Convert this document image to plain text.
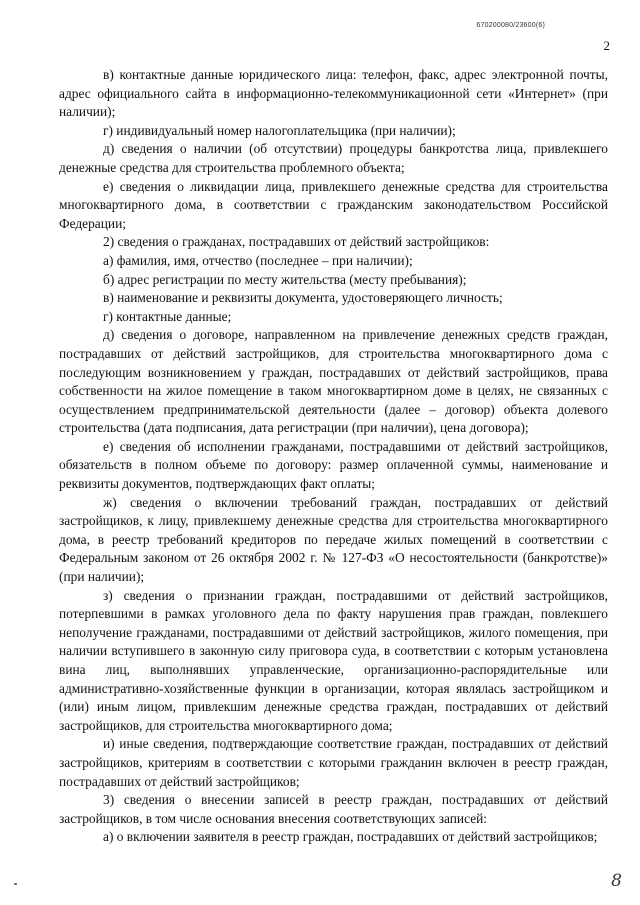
670200080/23600(6)
2

в) контактные данные юридического лица: телефон, факс, адрес электронной почты, адрес официального сайта в информационно-телекоммуникационной сети «Интернет» (при наличии);

г) индивидуальный номер налогоплательщика (при наличии);

д) сведения о наличии (об отсутствии) процедуры банкротства лица, привлекшего денежные средства для строительства проблемного объекта;

е) сведения о ликвидации лица, привлекшего денежные средства для строительства многоквартирного дома, в соответствии с гражданским законодательством Российской Федерации;

2) сведения о гражданах, пострадавших от действий застройщиков:

а) фамилия, имя, отчество (последнее – при наличии);

б) адрес регистрации по месту жительства (месту пребывания);

в) наименование и реквизиты документа, удостоверяющего личность;

г) контактные данные;

д) сведения о договоре, направленном на привлечение денежных средств граждан, пострадавших от действий застройщиков, для строительства многоквартирного дома с последующим возникновением у граждан, пострадавших от действий застройщиков, права собственности на жилое помещение в таком многоквартирном доме в целях, не связанных с осуществлением предпринимательской деятельности (далее – договор) объекта долевого строительства (дата подписания, дата регистрации (при наличии), цена договора);

е) сведения об исполнении гражданами, пострадавшими от действий застройщиков, обязательств в полном объеме по договору: размер оплаченной суммы, наименование и реквизиты документов, подтверждающих факт оплаты;

ж) сведения о включении требований граждан, пострадавших от действий застройщиков, к лицу, привлекшему денежные средства для строительства многоквартирного дома, в реестр требований кредиторов по передаче жилых помещений в соответствии с Федеральным законом от 26 октября 2002 г. № 127-ФЗ «О несостоятельности (банкротстве)» (при наличии);

з) сведения о признании граждан, пострадавшими от действий застройщиков, потерпевшими в рамках уголовного дела по факту нарушения прав граждан, повлекшего неполучение гражданами, пострадавшими от действий застройщиков, жилого помещения, при наличии вступившего в законную силу приговора суда, в соответствии с которым установлена вина лиц, выполнявших управленческие, организационно-распорядительные или административно-хозяйственные функции в организации, которая являлась застройщиком и (или) иным лицом, привлекшим денежные средства граждан, пострадавших от действий застройщиков, для строительства многоквартирного дома;

и) иные сведения, подтверждающие соответствие граждан, пострадавших от действий застройщиков, критериям в соответствии с которыми гражданин включен в реестр граждан, пострадавших от действий застройщиков;

3) сведения о внесении записей в реестр граждан, пострадавших от действий застройщиков, в том числе основания внесения соответствующих записей:

а) о включении заявителя в реестр граждан, пострадавших от действий застройщиков;

8
